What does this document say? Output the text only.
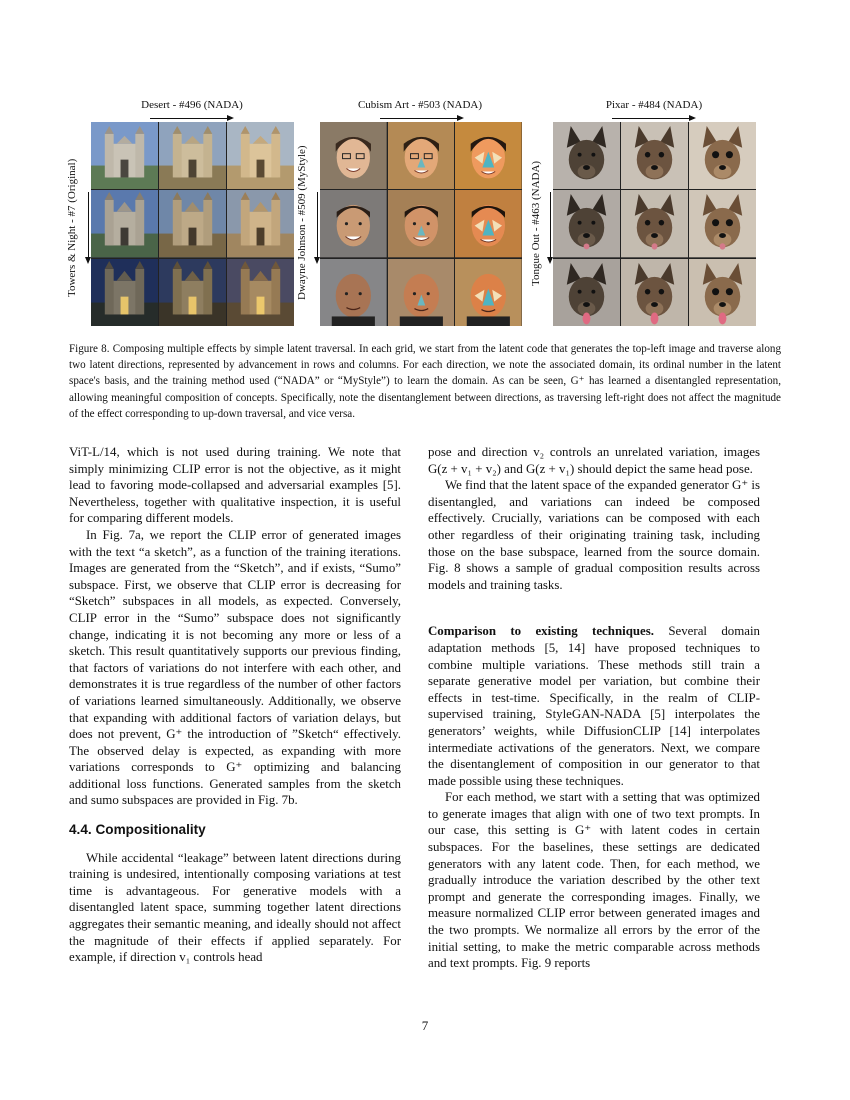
Desert - #496 (NADA)
Towers & Night - #7 (Original)
Cubism Art - #503 (NADA)
Dwayne Johnson - #509 (MyStyle)
Pixar - #484 (NADA)
Tongue Out - #463 (NADA)
Figure 8. Composing multiple effects by simple latent traversal. In each grid, we start from the latent code that generates the top-left image and traverse along two latent directions, represented by advancement in rows and columns. For each direction, we note the associated domain, its ordinal number in the latent space's basis, and the training method used (“NADA” or “MyStyle”) to learn the domain. As can be seen, G⁺ has learned a disentangled representation, allowing meaningful composition of concepts. Specifically, note the disentanglement between directions, as traversing left-right does not affect the magnitude of the effect corresponding to up-down traversal, and vice versa.

ViT-L/14, which is not used during training. We note that simply minimizing CLIP error is not the objective, as it might lead to favoring mode-collapsed and adversarial examples [5]. Nevertheless, together with qualitative inspection, it is useful for comparing different models.

In Fig. 7a, we report the CLIP error of generated images with the text “a sketch”, as a function of the training iterations. Images are generated from the “Sketch”, and if exists, “Sumo” subspace. First, we observe that CLIP error is decreasing for “Sketch” subspaces in all models, as expected. Conversely, CLIP error in the “Sumo” subspace does not significantly change, indicating it is not becoming any more or less of a sketch. This result quantitatively supports our previous finding, that factors of variations do not interfere with each other, and demonstrates it is true regardless of the number of other factors of variations learned simultaneously. Additionally, we observe that expanding with additional factors of variation delays, but does not prevent, G⁺ the introduction of ”Sketch“ effectively. The observed delay is expected, as expanding with more variations corresponds to G⁺ optimizing and balancing additional loss functions. Generated samples from the sketch and sumo subspaces are provided in Fig. 7b.

4.4. Compositionality

While accidental “leakage” between latent directions during training is undesired, intentionally composing variations at test time is advantageous. For generative models with a disentangled latent space, summing together latent directions aggregates their semantic meaning, and ideally should not affect the magnitude of their effects if applied separately. For example, if direction v₁ controls head

pose and direction v₂ controls an unrelated variation, images G(z + v₁ + v₂) and G(z + v₁) should depict the same head pose.

We find that the latent space of the expanded generator G⁺ is disentangled, and variations can indeed be composed effectively. Crucially, variations can be composed with each other regardless of their originating training task, including those on the base subspace, learned from the source domain. Fig. 8 shows a sample of gradual composition results across models and training tasks.

Comparison to existing techniques. Several domain adaptation methods [5, 14] have proposed techniques to combine multiple variations. These methods still train a separate generative model per variation, but combine their effects in test-time. Specifically, in the realm of CLIP-supervised training, StyleGAN-NADA [5] interpolates the generators’ weights, while DiffusionCLIP [14] interpolates intermediate activations of the generators. Next, we compare the disentanglement of composition in our generator to that made possible using these techniques.

For each method, we start with a setting that was optimized to generate images that align with one of two text prompts. In our case, this setting is G⁺ with latent codes in certain subspaces. For the baselines, these settings are dedicated generators with any latent code. Then, for each method, we gradually introduce the variation described by the other text prompt and generate the corresponding images. Finally, we measure normalized CLIP error between generated images and the two prompts. We normalize all errors by the error of the initial setting, to make the metric comparable across methods and text prompts. Fig. 9 reports

7
